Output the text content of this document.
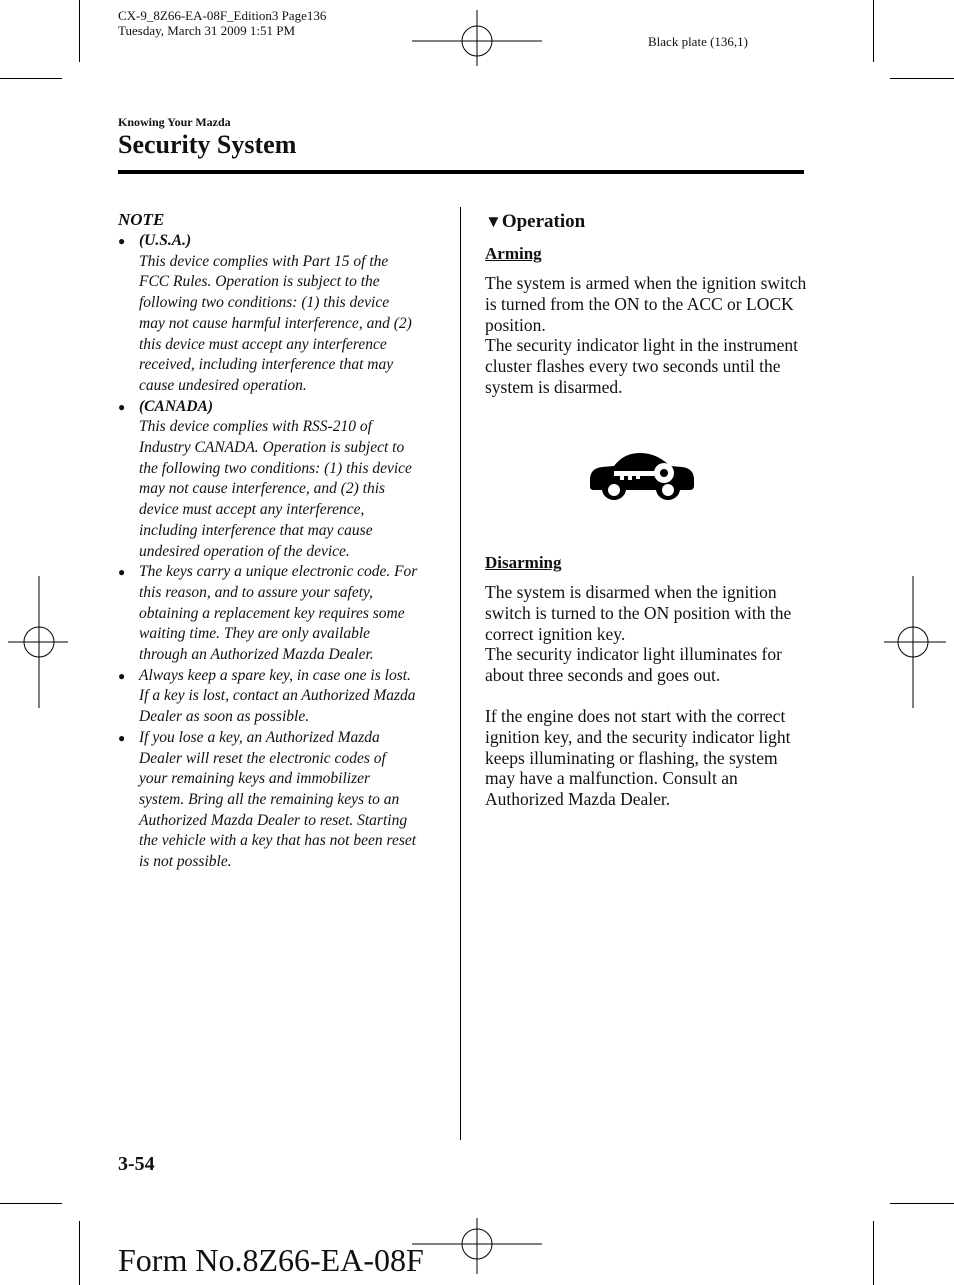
CX-9_8Z66-EA-08F_Edition3 Page136
Tuesday, March 31 2009 1:51 PM
Black plate (136,1)
Knowing Your Mazda
Security System
NOTE
● (U.S.A.)
This device complies with Part 15 of the FCC Rules. Operation is subject to the following two conditions: (1) this device may not cause harmful interference, and (2) this device must accept any interference received, including interference that may cause undesired operation.
● (CANADA)
This device complies with RSS-210 of Industry CANADA. Operation is subject to the following two conditions: (1) this device may not cause interference, and (2) this device must accept any interference, including interference that may cause undesired operation of the device.
● The keys carry a unique electronic code. For this reason, and to assure your safety, obtaining a replacement key requires some waiting time. They are only available through an Authorized Mazda Dealer.
● Always keep a spare key, in case one is lost. If a key is lost, contact an Authorized Mazda Dealer as soon as possible.
● If you lose a key, an Authorized Mazda Dealer will reset the electronic codes of your remaining keys and immobilizer system. Bring all the remaining keys to an Authorized Mazda Dealer to reset. Starting the vehicle with a key that has not been reset is not possible.
▼Operation
Arming
The system is armed when the ignition switch is turned from the ON to the ACC or LOCK position.
The security indicator light in the instrument cluster flashes every two seconds until the system is disarmed.
Disarming
The system is disarmed when the ignition switch is turned to the ON position with the correct ignition key.
The security indicator light illuminates for about three seconds and goes out.
If the engine does not start with the correct ignition key, and the security indicator light keeps illuminating or flashing, the system may have a malfunction. Consult an Authorized Mazda Dealer.
3-54
Form No.8Z66-EA-08F
